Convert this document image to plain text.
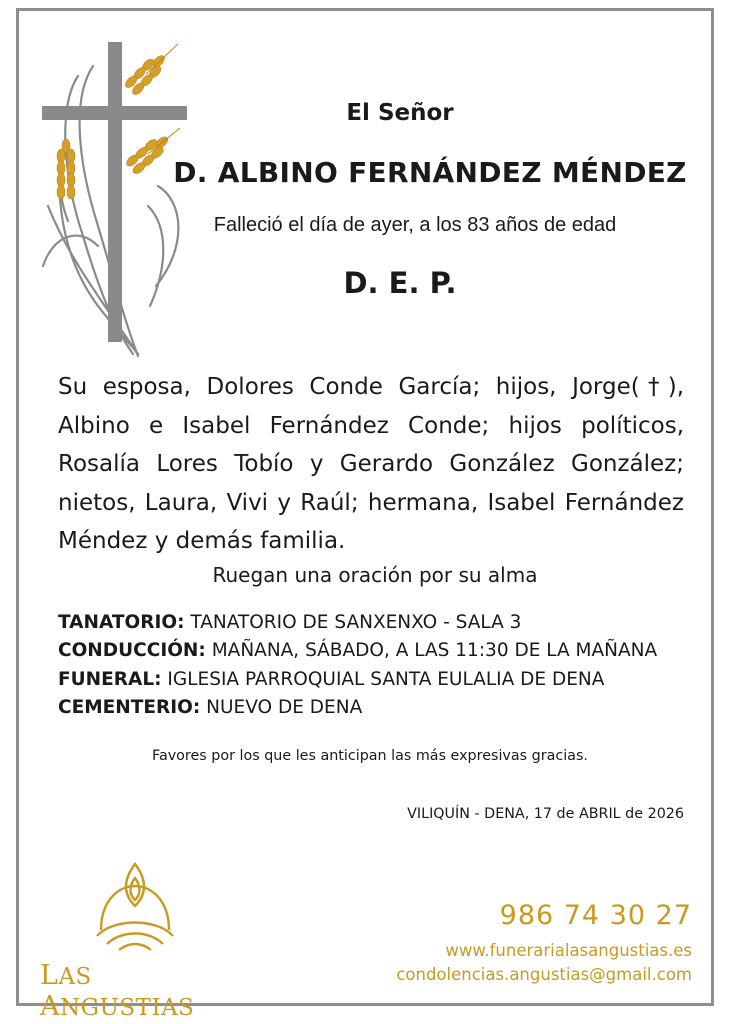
El Señor
D. ALBINO FERNÁNDEZ MÉNDEZ
Falleció el día de ayer, a los 83 años de edad
D. E. P.
Su esposa, Dolores Conde García; hijos, Jorge(†), Albino e Isabel Fernández Conde; hijos políticos, Rosalía Lores Tobío y Gerardo González González; nietos, Laura, Vivi y Raúl; hermana, Isabel Fernández Méndez y demás familia.
Ruegan una oración por su alma
TANATORIO: TANATORIO DE SANXENXO - SALA 3
CONDUCCIÓN: MAÑANA, SÁBADO, A LAS 11:30 DE LA MAÑANA
FUNERAL: IGLESIA PARROQUIAL SANTA EULALIA DE DENA
CEMENTERIO: NUEVO DE DENA
Favores por los que les anticipan las más expresivas gracias.
VILIQUÍN - DENA, 17 de ABRIL de 2026
LAS ANGUSTIAS
986 74 30 27
www.funerarialasangustias.es
condolencias.angustias@gmail.com
